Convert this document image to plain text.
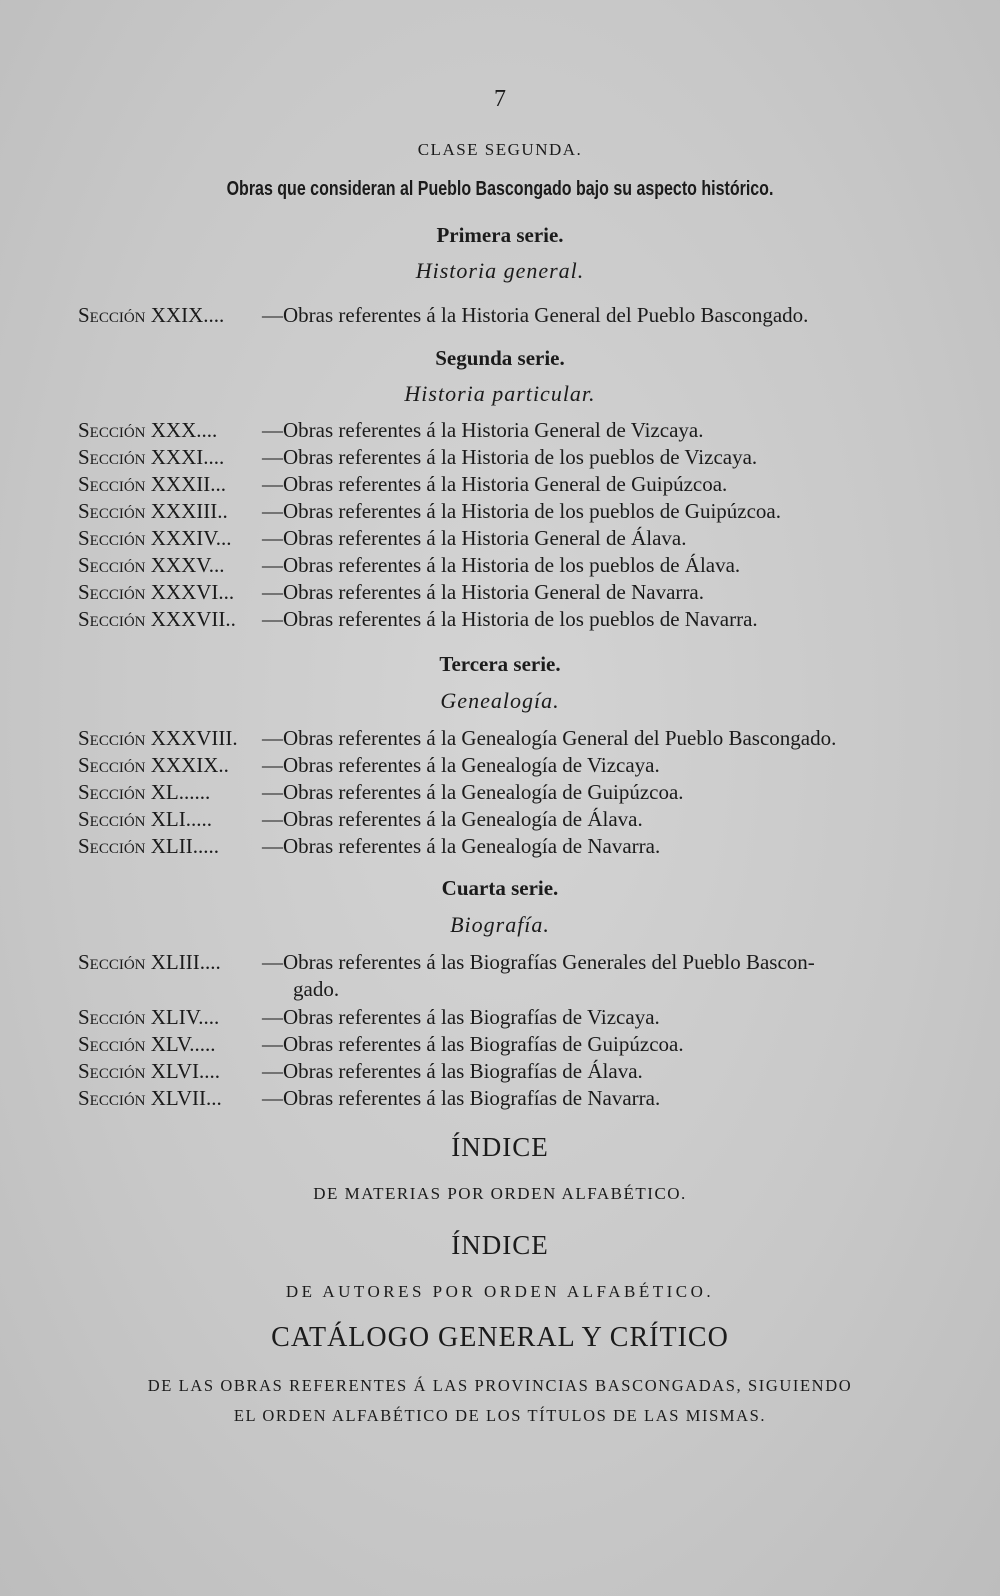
7
CLASE SEGUNDA.
Obras que consideran al Pueblo Bascongado bajo su aspecto histórico.
Primera serie.
Historia general.
Sección XXIX.... —Obras referentes á la Historia General del Pueblo Bascongado.
Segunda serie.
Historia particular.
Sección XXX.... —Obras referentes á la Historia General de Vizcaya.
Sección XXXI.... —Obras referentes á la Historia de los pueblos de Vizcaya.
Sección XXXII... —Obras referentes á la Historia General de Guipúzcoa.
Sección XXXIII.. —Obras referentes á la Historia de los pueblos de Guipúzcoa.
Sección XXXIV... —Obras referentes á la Historia General de Álava.
Sección XXXV... —Obras referentes á la Historia de los pueblos de Álava.
Sección XXXVI... —Obras referentes á la Historia General de Navarra.
Sección XXXVII.. —Obras referentes á la Historia de los pueblos de Navarra.
Tercera serie.
Genealogía.
Sección XXXVIII. —Obras referentes á la Genealogía General del Pueblo Bascongado.
Sección XXXIX.. —Obras referentes á la Genealogía de Vizcaya.
Sección XL...... —Obras referentes á la Genealogía de Guipúzcoa.
Sección XLI..... —Obras referentes á la Genealogía de Álava.
Sección XLII..... —Obras referentes á la Genealogía de Navarra.
Cuarta serie.
Biografía.
Sección XLIII.... —Obras referentes á las Biografías Generales del Pueblo Bascon-
gado.
Sección XLIV.... —Obras referentes á las Biografías de Vizcaya.
Sección XLV..... —Obras referentes á las Biografías de Guipúzcoa.
Sección XLVI.... —Obras referentes á las Biografías de Álava.
Sección XLVII... —Obras referentes á las Biografías de Navarra.
ÍNDICE
DE MATERIAS POR ORDEN ALFABÉTICO.
ÍNDICE
DE AUTORES POR ORDEN ALFABÉTICO.
CATÁLOGO GENERAL Y CRÍTICO
DE LAS OBRAS REFERENTES Á LAS PROVINCIAS BASCONGADAS, SIGUIENDO
EL ORDEN ALFABÉTICO DE LOS TÍTULOS DE LAS MISMAS.
